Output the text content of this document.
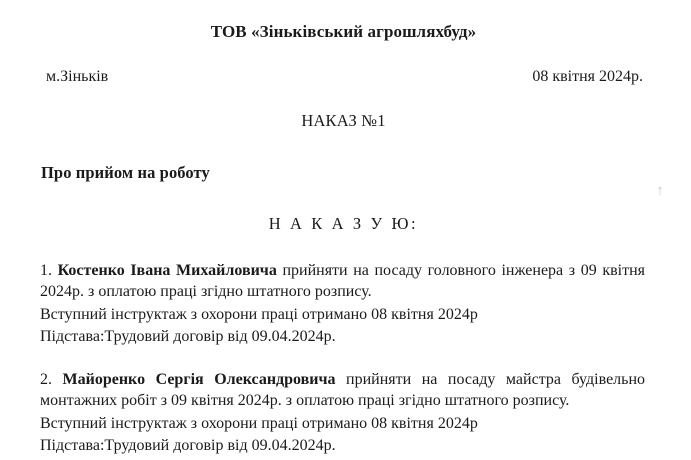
ТОВ «Зіньківський агрошляхбуд»
м.Зіньків	08 квітня 2024р.
НАКАЗ №1
Про прийом на роботу
Н А К А З У Ю:
1. Костенко Івана Михайловича прийняти на посаду головного інженера з 09 квітня 2024р. з оплатою праці згідно штатного розпису.
Вступний інструктаж з охорони праці отримано 08 квітня 2024р
Підстава:Трудовий договір від 09.04.2024р.
2. Майоренко Сергія Олександровича прийняти на посаду майстра будівельно монтажних робіт з 09 квітня 2024р. з оплатою праці згідно штатного розпису.
Вступний інструктаж з охорони праці отримано 08 квітня 2024р
Підстава:Трудовий договір від 09.04.2024р.
↑
